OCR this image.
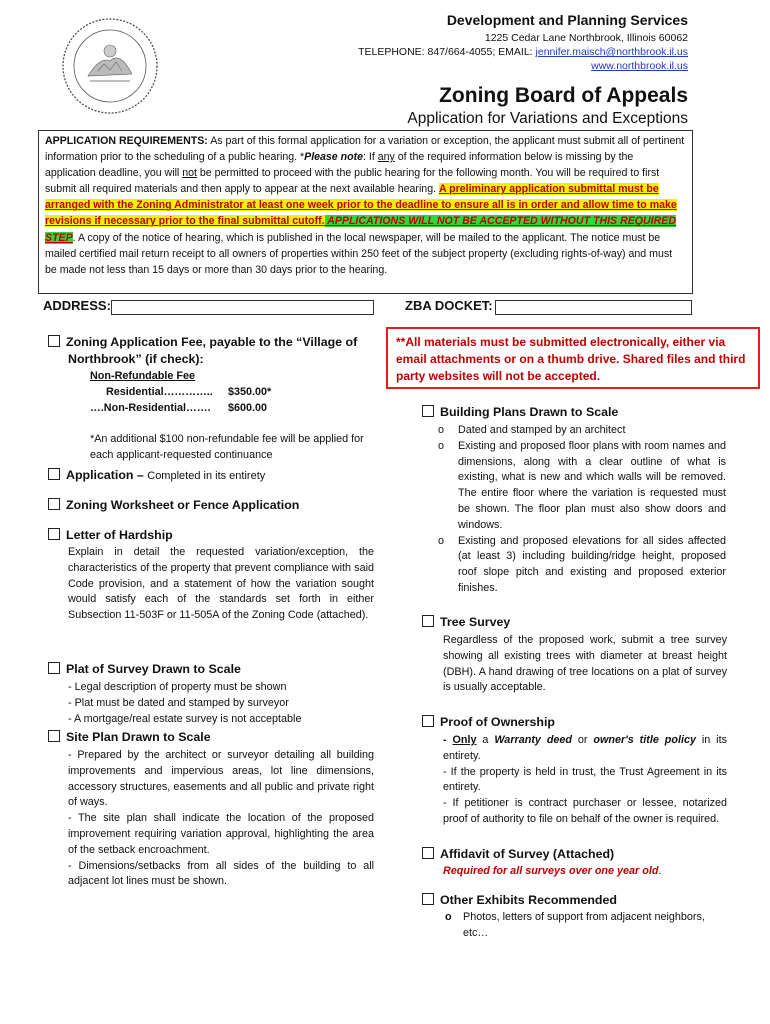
Development and Planning Services
1225 Cedar Lane Northbrook, Illinois 60062
TELEPHONE: 847/664-4055; EMAIL: jennifer.maisch@northbrook.il.us
www.northbrook.il.us
Zoning Board of Appeals
Application for Variations and Exceptions
APPLICATION REQUIREMENTS: As part of this formal application for a variation or exception, the applicant must submit all of pertinent information prior to the scheduling of a public hearing. *Please note: If any of the required information below is missing by the application deadline, you will not be permitted to proceed with the public hearing for the following month. You will be required to first submit all required materials and then apply to appear at the next available hearing. A preliminary application submittal must be arranged with the Zoning Administrator at least one week prior to the deadline to ensure all is in order and allow time to make revisions if necessary prior to the final submittal cutoff. APPLICATIONS WILL NOT BE ACCEPTED WITHOUT THIS REQUIRED STEP. A copy of the notice of hearing, which is published in the local newspaper, will be mailed to the applicant. The notice must be mailed certified mail return receipt to all owners of properties within 250 feet of the subject property (excluding rights-of-way) and must be made not less than 15 days or more than 30 days prior to the hearing.
ADDRESS:	ZBA DOCKET:
Zoning Application Fee, payable to the “Village of
Northbrook” (if check):
Non-Refundable Fee
Residential………….. $350.00*
….Non-Residential……. $600.00
*An additional $100 non-refundable fee will be applied for each applicant-requested continuance
Application – Completed in its entirety
Zoning Worksheet or Fence Application
Letter of Hardship
Explain in detail the requested variation/exception, the characteristics of the property that prevent compliance with said Code provision, and a statement of how the variation sought would satisfy each of the standards set forth in either Subsection 11-503F or 11-505A of the Zoning Code (attached).
Plat of Survey Drawn to Scale
- Legal description of property must be shown
- Plat must be dated and stamped by surveyor
- A mortgage/real estate survey is not acceptable
Site Plan Drawn to Scale
- Prepared by the architect or surveyor detailing all building improvements and impervious areas, lot line dimensions, accessory structures, easements and all public and private right of ways.
- The site plan shall indicate the location of the proposed improvement requiring variation approval, highlighting the area of the setback encroachment.
- Dimensions/setbacks from all sides of the building to all adjacent lot lines must be shown.
**All materials must be submitted electronically, either via email attachments or on a thumb drive. Shared files and third party websites will not be accepted.
Building Plans Drawn to Scale
o Dated and stamped by an architect
o Existing and proposed floor plans with room names and dimensions, along with a clear outline of what is existing, what is new and which walls will be removed. The entire floor where the variation is requested must be shown. The floor plan must also show doors and windows.
o Existing and proposed elevations for all sides affected (at least 3) including building/ridge height, proposed roof slope pitch and existing and proposed exterior finishes.
Tree Survey
Regardless of the proposed work, submit a tree survey showing all existing trees with diameter at breast height (DBH). A hand drawing of tree locations on a plat of survey is usually acceptable.
Proof of Ownership
- Only a Warranty deed or owner's title policy in its entirety.
- If the property is held in trust, the Trust Agreement in its entirety.
- If petitioner is contract purchaser or lessee, notarized proof of authority to file on behalf of the owner is required.
Affidavit of Survey (Attached)
Required for all surveys over one year old.
Other Exhibits Recommended
o Photos, letters of support from adjacent neighbors, etc…
